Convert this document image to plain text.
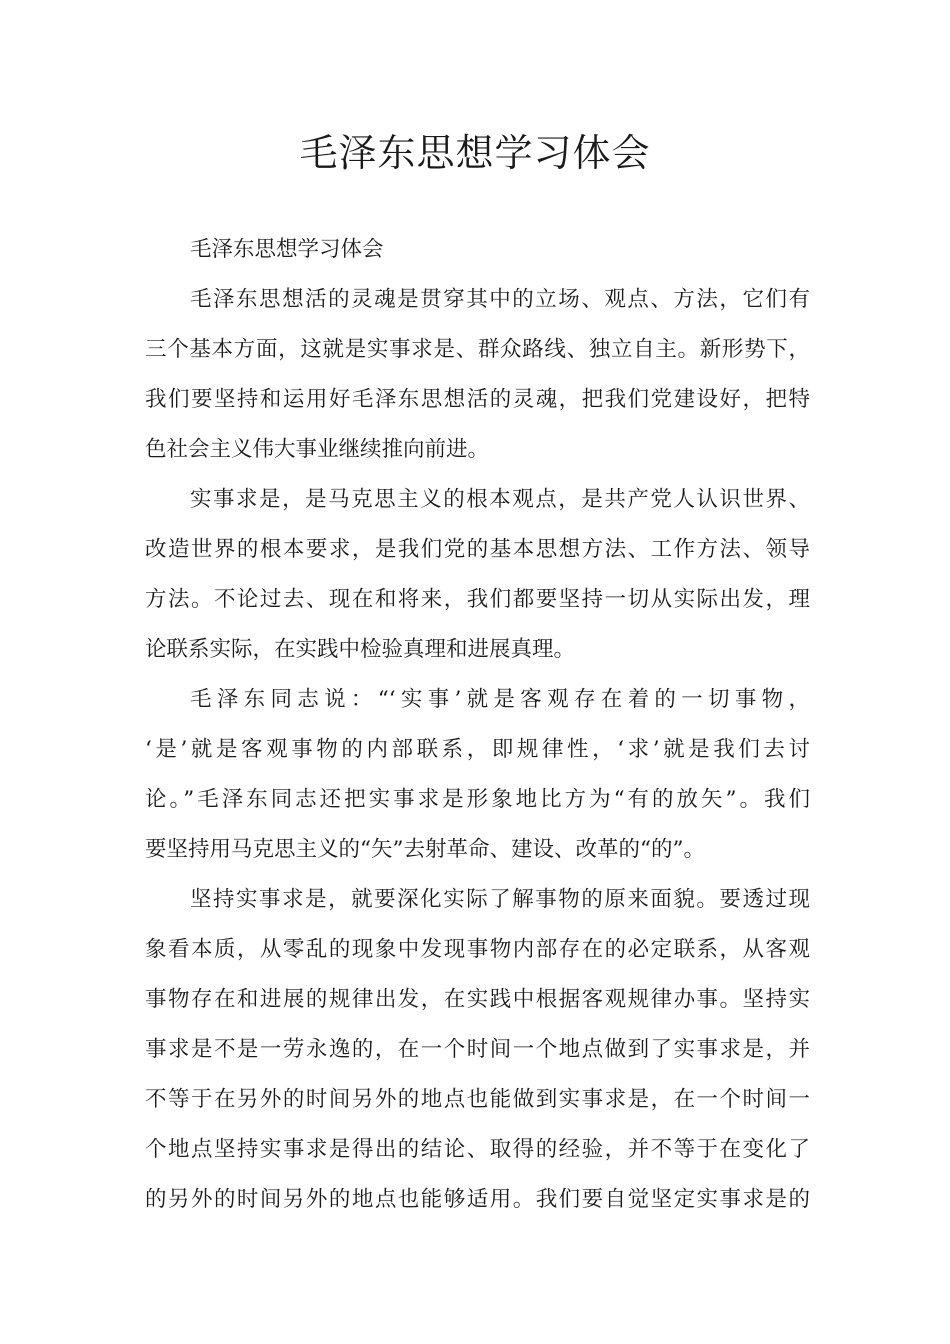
毛泽东思想学习体会

毛泽东思想学习体会

毛泽东思想活的灵魂是贯穿其中的立场、观点、方法，它们有
三个基本方面，这就是实事求是、群众路线、独立自主。新形势下，
我们要坚持和运用好毛泽东思想活的灵魂，把我们党建设好，把特
色社会主义伟大事业继续推向前进。

实事求是，是马克思主义的根本观点，是共产党人认识世界、
改造世界的根本要求，是我们党的基本思想方法、工作方法、领导
方法。不论过去、现在和将来，我们都要坚持一切从实际出发，理
论联系实际，在实践中检验真理和进展真理。

毛泽东同志说：“‘实事’就是客观存在着的一切事物，
‘是’就是客观事物的内部联系，即规律性，‘求’就是我们去讨
论。”毛泽东同志还把实事求是形象地比方为“有的放矢”。我们
要坚持用马克思主义的“矢”去射革命、建设、改革的“的”。

坚持实事求是，就要深化实际了解事物的原来面貌。要透过现
象看本质，从零乱的现象中发现事物内部存在的必定联系，从客观
事物存在和进展的规律出发，在实践中根据客观规律办事。坚持实
事求是不是一劳永逸的，在一个时间一个地点做到了实事求是，并
不等于在另外的时间另外的地点也能做到实事求是，在一个时间一
个地点坚持实事求是得出的结论、取得的经验，并不等于在变化了
的另外的时间另外的地点也能够适用。我们要自觉坚定实事求是的
